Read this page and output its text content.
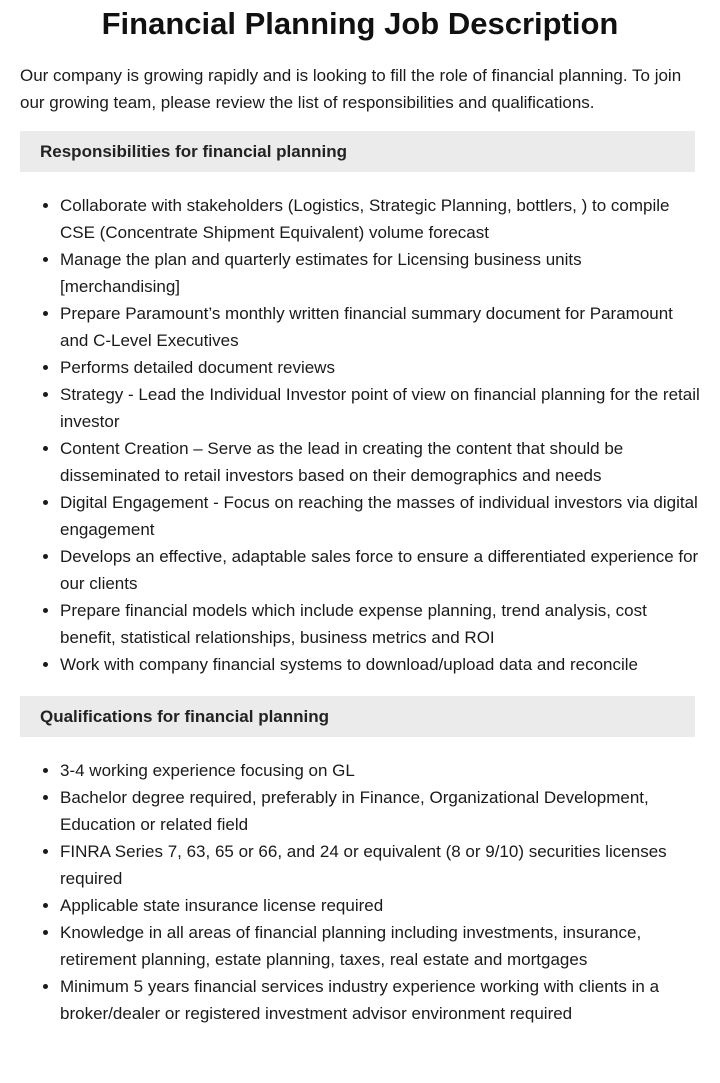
Financial Planning Job Description

Our company is growing rapidly and is looking to fill the role of financial planning. To join our growing team, please review the list of responsibilities and qualifications.

Responsibilities for financial planning
• Collaborate with stakeholders (Logistics, Strategic Planning, bottlers, ) to compile CSE (Concentrate Shipment Equivalent) volume forecast
• Manage the plan and quarterly estimates for Licensing business units [merchandising]
• Prepare Paramount’s monthly written financial summary document for Paramount and C-Level Executives
• Performs detailed document reviews
• Strategy - Lead the Individual Investor point of view on financial planning for the retail investor
• Content Creation – Serve as the lead in creating the content that should be disseminated to retail investors based on their demographics and needs
• Digital Engagement - Focus on reaching the masses of individual investors via digital engagement
• Develops an effective, adaptable sales force to ensure a differentiated experience for our clients
• Prepare financial models which include expense planning, trend analysis, cost benefit, statistical relationships, business metrics and ROI
• Work with company financial systems to download/upload data and reconcile
Qualifications for financial planning
• 3-4 working experience focusing on GL
• Bachelor degree required, preferably in Finance, Organizational Development, Education or related field
• FINRA Series 7, 63, 65 or 66, and 24 or equivalent (8 or 9/10) securities licenses required
• Applicable state insurance license required
• Knowledge in all areas of financial planning including investments, insurance, retirement planning, estate planning, taxes, real estate and mortgages
• Minimum 5 years financial services industry experience working with clients in a broker/dealer or registered investment advisor environment required
